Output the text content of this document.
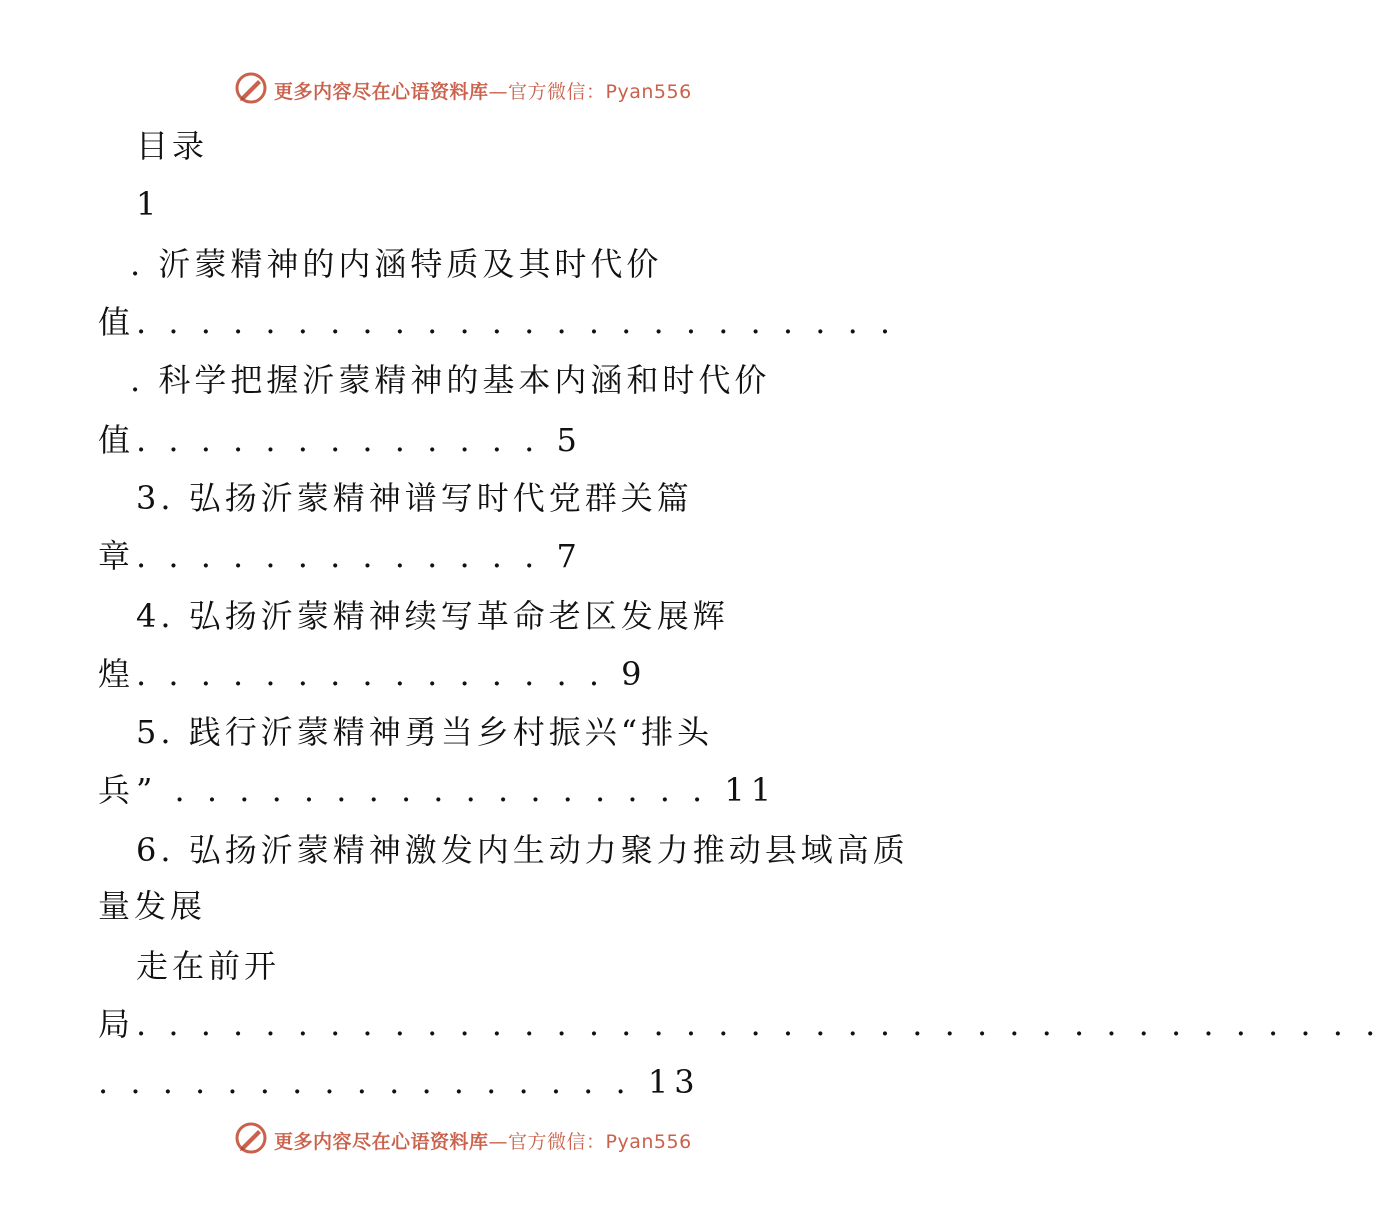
更多内容尽在心语资料库—官方微信：Pyan556
目录
1
. 沂蒙精神的内涵特质及其时代价
值. . . . . . . . . . . . . . . . . . . . . . . .
. 科学把握沂蒙精神的基本内涵和时代价
值. . . . . . . . . . . . . 5
3. 弘扬沂蒙精神谱写时代党群关篇
章. . . . . . . . . . . . . 7
4. 弘扬沂蒙精神续写革命老区发展辉
煌. . . . . . . . . . . . . . . 9
5. 践行沂蒙精神勇当乡村振兴“排头
兵” . . . . . . . . . . . . . . . . . 11
6. 弘扬沂蒙精神激发内生动力聚力推动县域高质
量发展
走在前开
局. . . . . . . . . . . . . . . . . . . . . . . . . . . . . . . . . . . . . . .
. . . . . . . . . . . . . . . . . 13
更多内容尽在心语资料库—官方微信：Pyan556
